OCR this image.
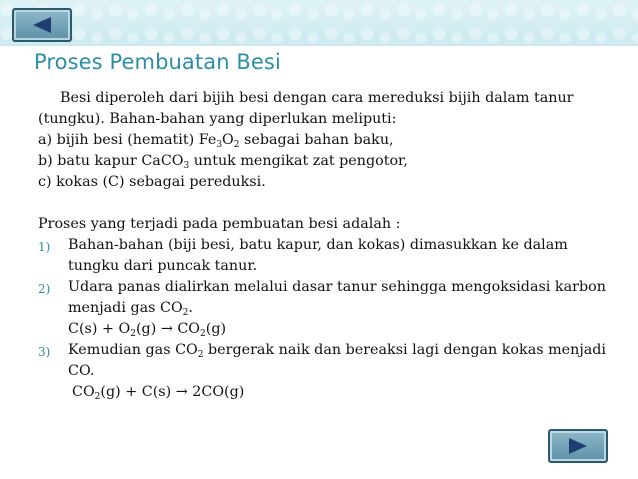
Proses Pembuatan Besi

Besi diperoleh dari bijih besi dengan cara mereduksi bijih dalam tanur (tungku). Bahan-bahan yang diperlukan meliputi:

a) bijih besi (hematit) $Fe_3O_2$ sebagai bahan baku,

b) batu kapur CaCO$_3$ untuk mengikat zat pengotor,

c) kokas (C) sebagai pereduksi.

Proses yang terjadi pada pembuatan besi adalah :

1) Bahan-bahan (biji besi, batu kapur, dan kokas) dimasukkan ke dalam tungku dari puncak tanur.
2) Udara panas dialirkan melalui dasar tanur sehingga mengoksidasi karbon menjadi gas $CO_2$.
$C(s) + O_2(g) \to CO_2(g)$
3) Kemudian gas $CO_2$ bergerak naik dan bereaksi lagi dengan kokas menjadi CO.
$CO_2(g) + C(s) \to 2CO(g)$
